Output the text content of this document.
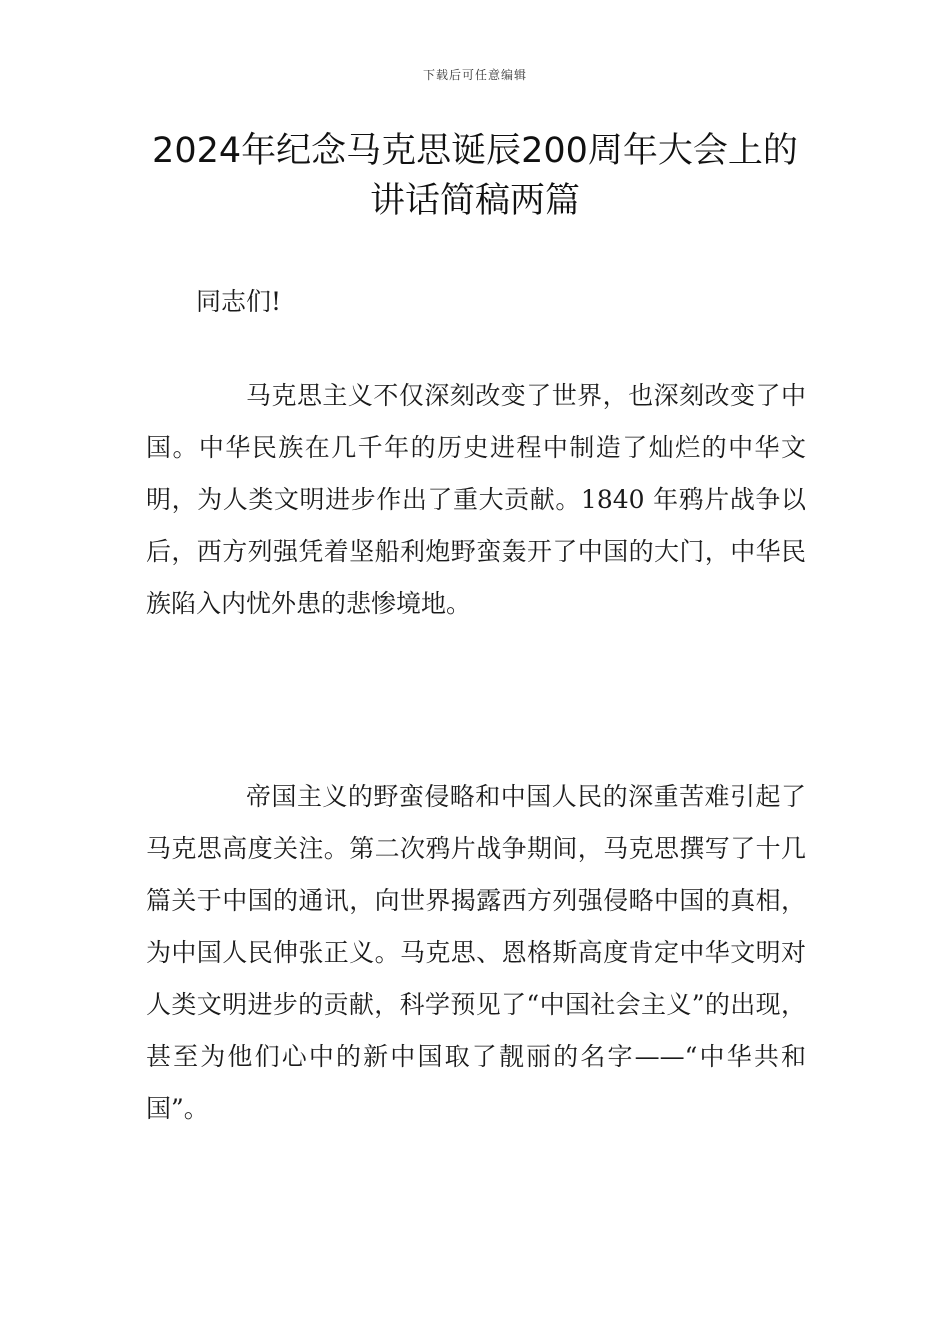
下载后可任意编辑
2024年纪念马克思诞辰200周年大会上的
讲话简稿两篇

同志们!

马克思主义不仅深刻改变了世界，也深刻改变了中国。中华民族在几千年的历史进程中制造了灿烂的中华文明，为人类文明进步作出了重大贡献。1840 年鸦片战争以后，西方列强凭着坚船利炮野蛮轰开了中国的大门，中华民族陷入内忧外患的悲惨境地。

帝国主义的野蛮侵略和中国人民的深重苦难引起了马克思高度关注。第二次鸦片战争期间，马克思撰写了十几篇关于中国的通讯，向世界揭露西方列强侵略中国的真相，为中国人民伸张正义。马克思、恩格斯高度肯定中华文明对人类文明进步的贡献，科学预见了“中国社会主义”的出现，甚至为他们心中的新中国取了靓丽的名字——“中华共和国”。
